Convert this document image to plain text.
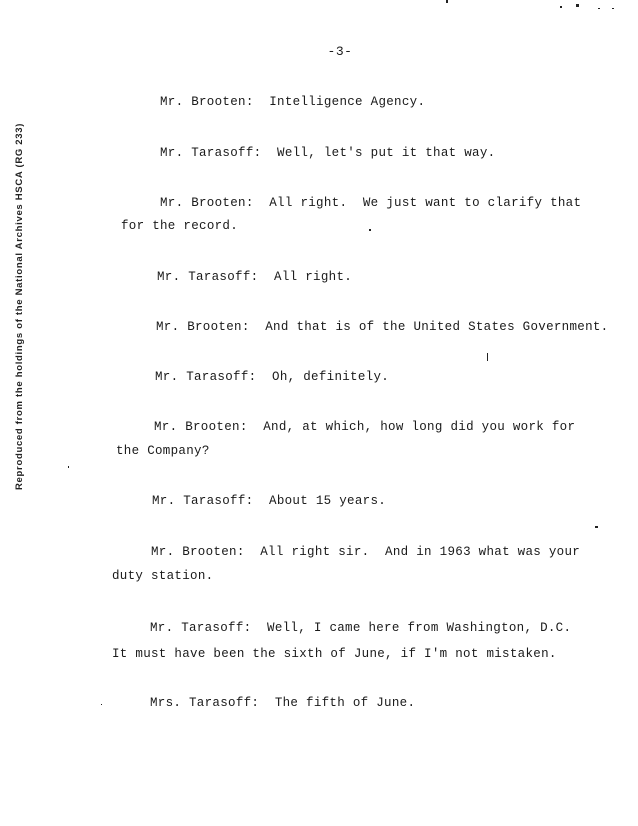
-3-
Reproduced from the holdings of the National Archives HSCA (RG 233)
Mr. Brooten: Intelligence Agency.
Mr. Tarasoff: Well, let's put it that way.
Mr. Brooten: All right.  We just want to clarify that
for the record.
Mr. Tarasoff: All right.
Mr. Brooten: And that is of the United States Government.
Mr. Tarasoff: Oh, definitely.
Mr. Brooten: And, at which, how long did you work for
the Company?
Mr. Tarasoff: About 15 years.
Mr. Brooten: All right sir.  And in 1963 what was your
duty station.
Mr. Tarasoff: Well, I came here from Washington, D.C.
It must have been the sixth of June, if I'm not mistaken.
Mrs. Tarasoff: The fifth of June.
